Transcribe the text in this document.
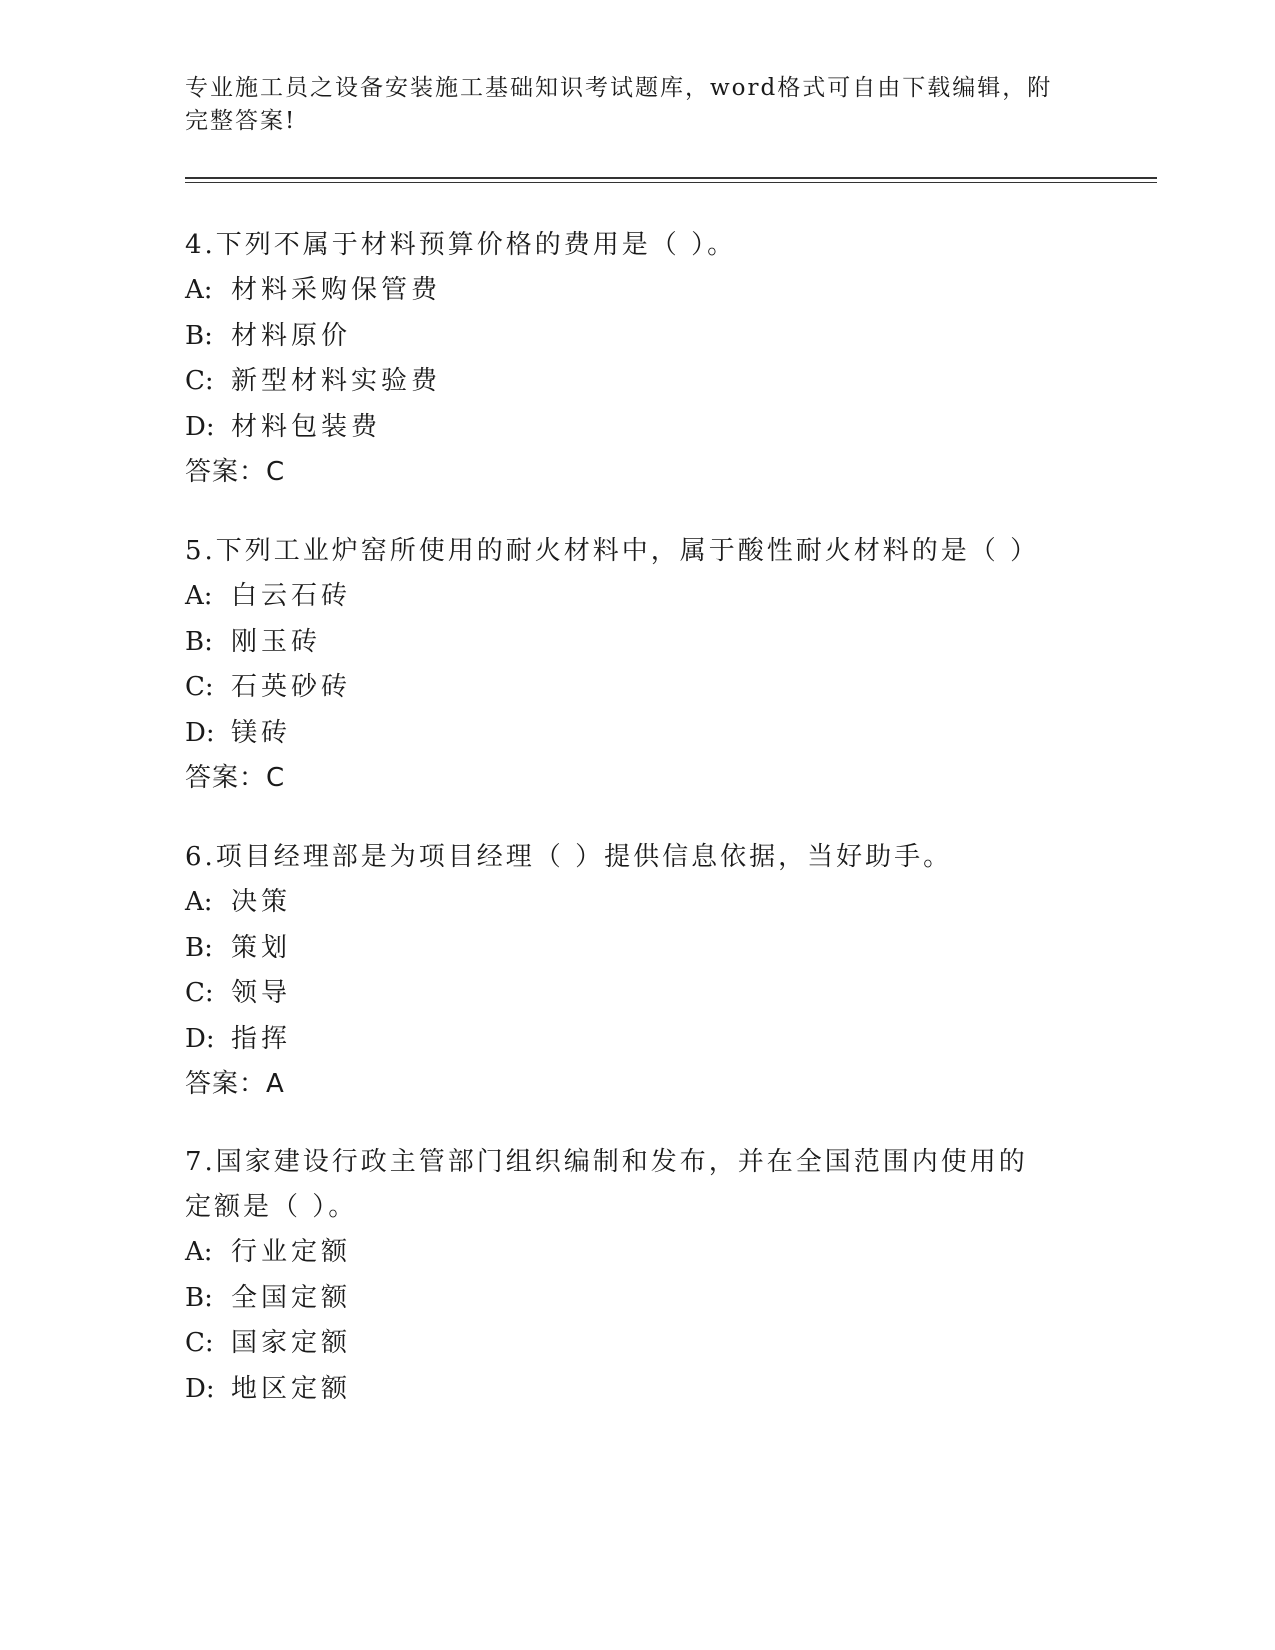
专业施工员之设备安装施工基础知识考试题库，word格式可自由下载编辑，附完整答案!

4.下列不属于材料预算价格的费用是（ ）。

A: 材料采购保管费

B: 材料原价

C: 新型材料实验费

D: 材料包装费

答案：C

5.下列工业炉窑所使用的耐火材料中，属于酸性耐火材料的是（ ）

A: 白云石砖

B: 刚玉砖

C: 石英砂砖

D: 镁砖

答案：C

6.项目经理部是为项目经理（ ）提供信息依据，当好助手。

A: 决策

B: 策划

C: 领导

D: 指挥

答案：A

7.国家建设行政主管部门组织编制和发布，并在全国范围内使用的定额是（ ）。

A: 行业定额

B: 全国定额

C: 国家定额

D: 地区定额
